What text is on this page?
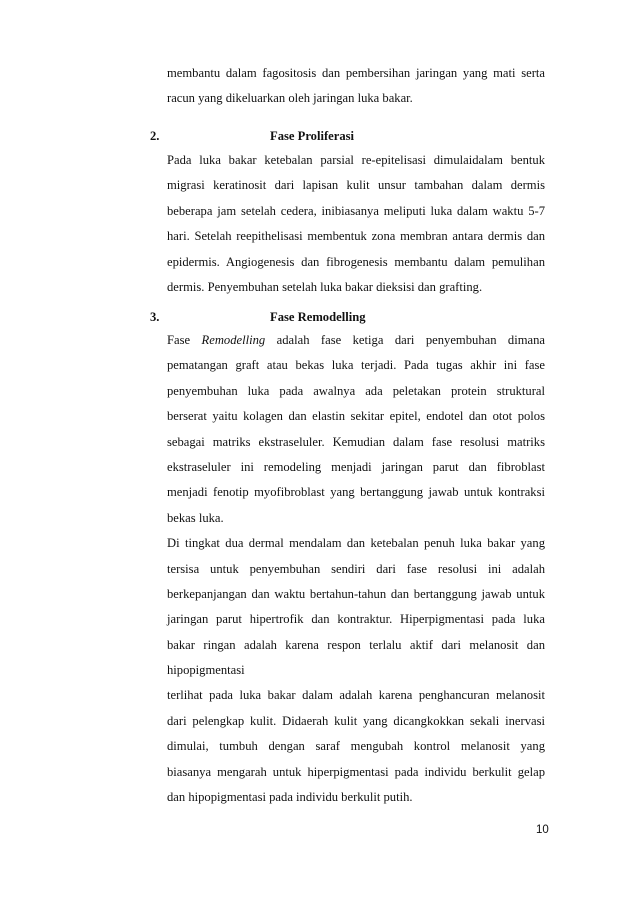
membantu dalam fagositosis dan pembersihan jaringan yang mati serta
racun yang dikeluarkan oleh jaringan luka bakar.
2.	Fase Proliferasi
Pada luka bakar ketebalan parsial re-epitelisasi dimulaidalam bentuk
migrasi keratinosit dari lapisan kulit unsur tambahan dalam dermis
beberapa jam setelah cedera, inibiasanya meliputi luka dalam waktu 5-7
hari. Setelah reepithelisasi membentuk zona membran antara dermis dan
epidermis. Angiogenesis dan fibrogenesis membantu dalam pemulihan
dermis. Penyembuhan setelah luka bakar dieksisi dan grafting.
3.	Fase Remodelling
Fase Remodelling adalah fase ketiga dari penyembuhan dimana
pematangan graft atau bekas luka terjadi. Pada tugas akhir ini fase
penyembuhan luka pada awalnya ada peletakan protein struktural
berserat yaitu kolagen dan elastin sekitar epitel, endotel dan otot polos
sebagai matriks ekstraseluler. Kemudian dalam fase resolusi matriks
ekstraseluler ini remodeling menjadi jaringan parut dan fibroblast
menjadi fenotip myofibroblast yang bertanggung jawab untuk kontraksi
bekas luka.
Di tingkat dua dermal mendalam dan ketebalan penuh luka bakar yang
tersisa untuk penyembuhan sendiri dari fase resolusi ini adalah
berkepanjangan dan waktu bertahun-tahun dan bertanggung jawab untuk
jaringan parut hipertrofik dan kontraktur. Hiperpigmentasi pada luka
bakar ringan adalah karena respon terlalu aktif dari melanosit dan
hipopigmentasi
terlihat pada luka bakar dalam adalah karena penghancuran melanosit
dari pelengkap kulit. Didaerah kulit yang dicangkokkan sekali inervasi
dimulai, tumbuh dengan saraf mengubah kontrol melanosit yang
biasanya mengarah untuk hiperpigmentasi pada individu berkulit gelap
dan hipopigmentasi pada individu berkulit putih.
10
